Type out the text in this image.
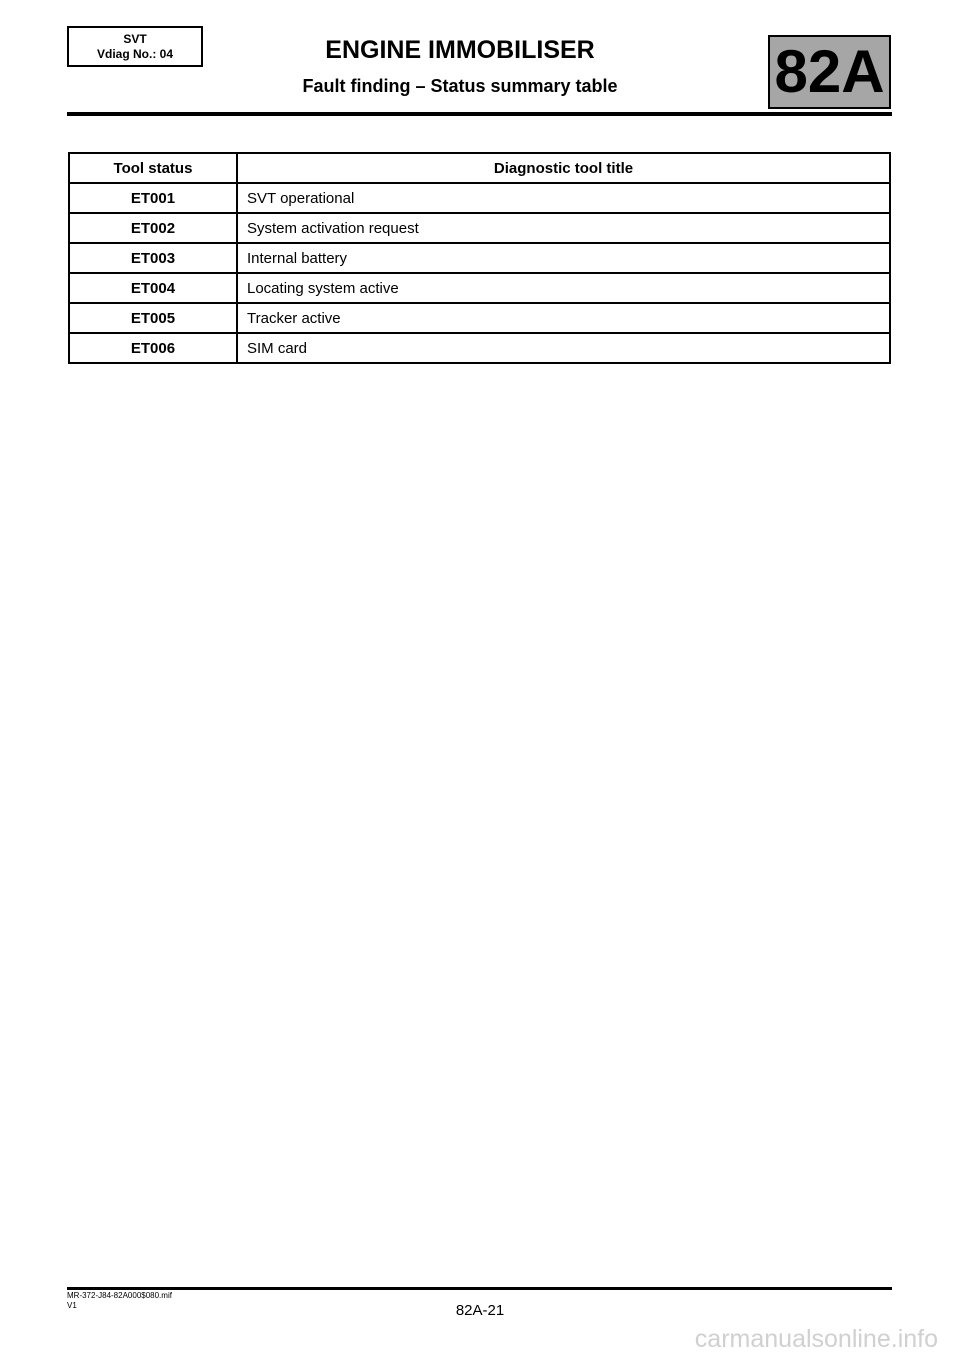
SVT
Vdiag No.: 04	ENGINE IMMOBILISER
Fault finding – Status summary table	82A
Tool status	Diagnostic tool title
ET001	SVT operational
ET002	System activation request
ET003	Internal battery
ET004	Locating system active
ET005	Tracker active
ET006	SIM card
MR-372-J84-82A000$080.mif
V1	82A-21
carmanualsonline.info
